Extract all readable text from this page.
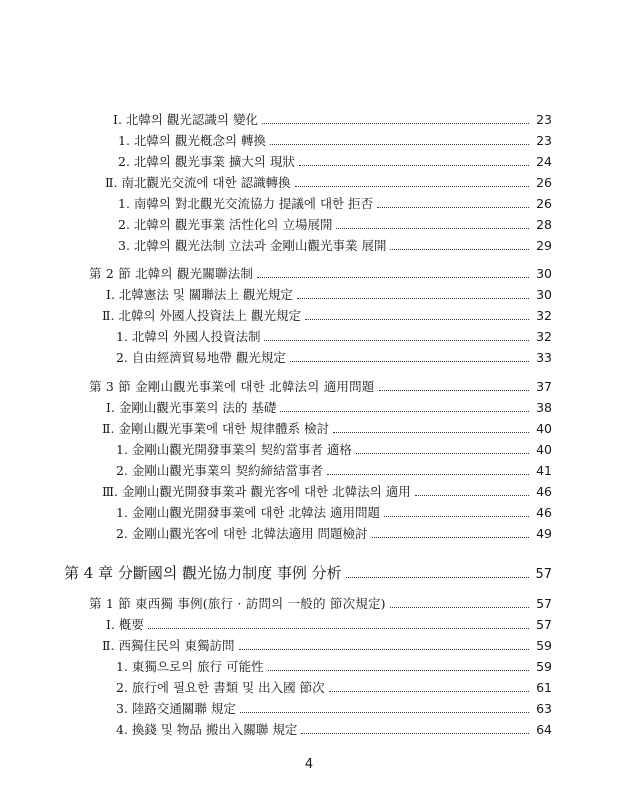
Ⅰ. 北韓의 觀光認識의 變化	23
1. 北韓의 觀光槪念의 轉換	23
2. 北韓의 觀光事業 擴大의 現狀	24
Ⅱ. 南北觀光交流에 대한 認識轉換	26
1. 南韓의 對北觀光交流協力 提議에 대한 拒否	26
2. 北韓의 觀光事業 活性化의 立場展開	28
3. 北韓의 觀光法制 立法과 金剛山觀光事業 展開	29
第 2 節 北韓의 觀光關聯法制	30
Ⅰ. 北韓憲法 및 關聯法上 觀光規定	30
Ⅱ. 北韓의 外國人投資法上 觀光規定	32
1. 北韓의 外國人投資法制	32
2. 自由經濟貿易地帶 觀光規定	33
第 3 節 金剛山觀光事業에 대한 北韓法의 適用問題	37
Ⅰ. 金剛山觀光事業의 法的 基礎	38
Ⅱ. 金剛山觀光事業에 대한 規律體系 檢討	40
1. 金剛山觀光開發事業의 契約當事者 適格	40
2. 金剛山觀光事業의 契約締結當事者	41
Ⅲ. 金剛山觀光開發事業과 觀光客에 대한 北韓法의 適用	46
1. 金剛山觀光開發事業에 대한 北韓法 適用問題	46
2. 金剛山觀光客에 대한 北韓法適用 問題檢討	49
第 4 章 分斷國의 觀光協力制度 事例 分析	57
第 1 節 東西獨 事例(旅行 · 訪問의 一般的 節次規定)	57
Ⅰ. 槪要	57
Ⅱ. 西獨住民의 東獨訪問	59
1. 東獨으로의 旅行 可能性	59
2. 旅行에 필요한 書類 및 出入國 節次	61
3. 陸路交通關聯 規定	63
4. 換錢 및 物品 搬出入關聯 規定	64
4
